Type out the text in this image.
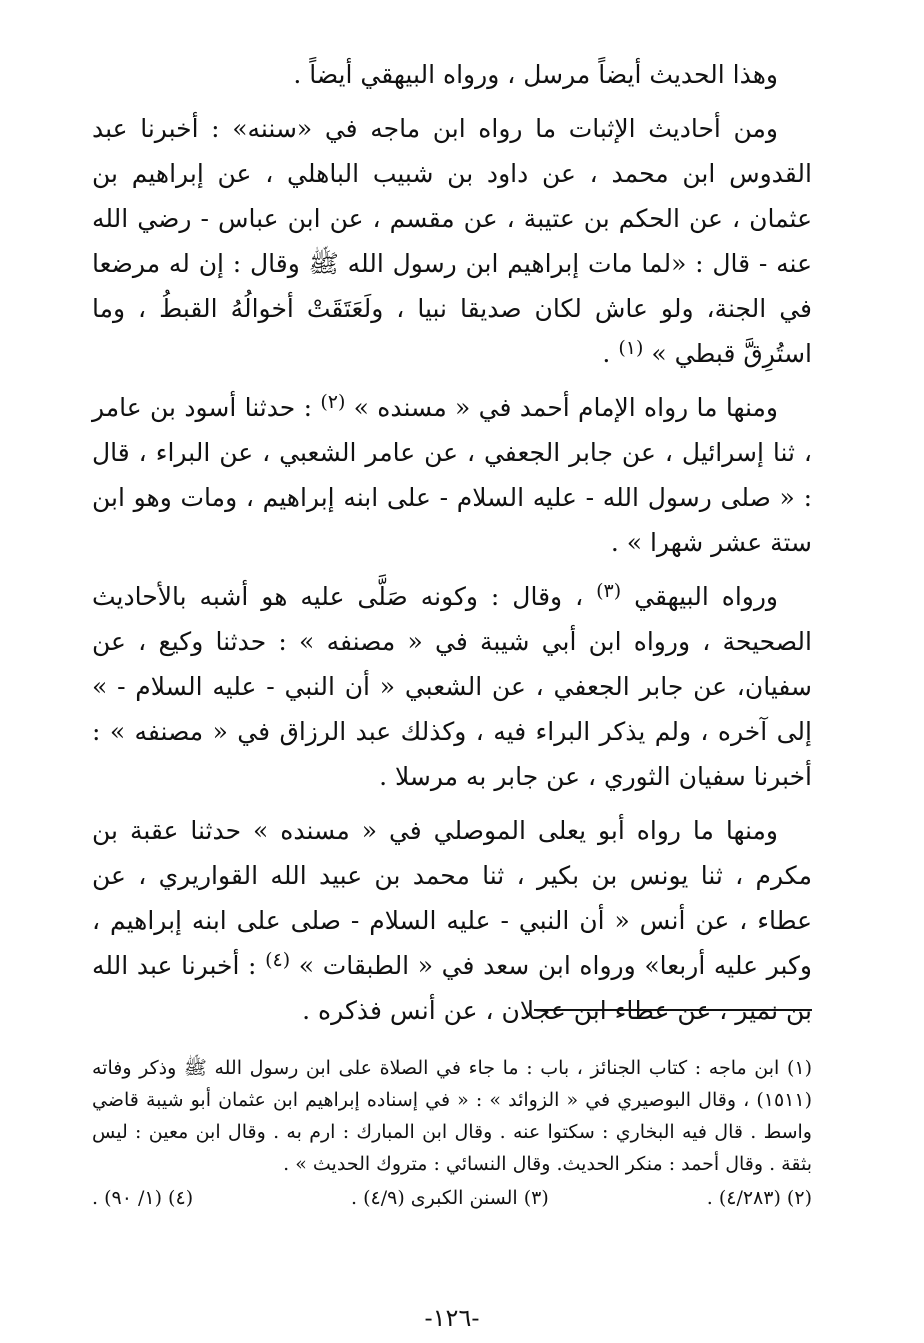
وهذا الحديث أيضاً مرسل ، ورواه البيهقي أيضاً .

ومن أحاديث الإثبات ما رواه ابن ماجه في «سننه» : أخبرنا عبد القدوس ابن محمد ، عن داود بن شبيب الباهلي ، عن إبراهيم بن عثمان ، عن الحكم بن عتيبة ، عن مقسم ، عن ابن عباس - رضي الله عنه - قال : «لما مات إبراهيم ابن رسول الله ﷺ وقال : إن له مرضعا في الجنة، ولو عاش لكان صديقا نبيا ، ولَعَتَقَتْ أخوالُهُ القبطُ ، وما استُرِقَّ قبطي » $^{(١)}$ .

ومنها ما رواه الإمام أحمد في « مسنده » $^{(٢)}$ : حدثنا أسود بن عامر ، ثنا إسرائيل ، عن جابر الجعفي ، عن عامر الشعبي ، عن البراء ، قال : « صلى رسول الله - عليه السلام - على ابنه إبراهيم ، ومات وهو ابن ستة عشر شهرا » .

ورواه البيهقي $^{(٣)}$ ، وقال : وكونه صَلَّى عليه هو أشبه بالأحاديث الصحيحة ، ورواه ابن أبي شيبة في « مصنفه » : حدثنا وكيع ، عن سفيان، عن جابر الجعفي ، عن الشعبي « أن النبي - عليه السلام - » إلى آخره ، ولم يذكر البراء فيه ، وكذلك عبد الرزاق في « مصنفه » : أخبرنا سفيان الثوري ، عن جابر به مرسلا .

ومنها ما رواه أبو يعلى الموصلي في « مسنده » حدثنا عقبة بن مكرم ، ثنا يونس بن بكير ، ثنا محمد بن عبيد الله القواريري ، عن عطاء ، عن أنس « أن النبي - عليه السلام - صلى على ابنه إبراهيم ، وكبر عليه أربعا» ورواه ابن سعد في « الطبقات » $^{(٤)}$ : أخبرنا عبد الله بن نمير ، عن عطاء ابن عجلان ، عن أنس فذكره .

(١) ابن ماجه : كتاب الجنائز ، باب : ما جاء في الصلاة على ابن رسول الله ﷺ وذكر وفاته (١٥١١) ، وقال البوصيري في « الزوائد » : « في إسناده إبراهيم ابن عثمان أبو شيبة قاضي واسط . قال فيه البخاري : سكتوا عنه . وقال ابن المبارك : ارم به . وقال ابن معين : ليس بثقة . وقال أحمد : منكر الحديث. وقال النسائي : متروك الحديث » .

(٢) (٤/٢٨٣) .
(٣) السنن الكبرى (٤/٩) .
(٤) (١/ ٩٠) .
-١٢٦-
